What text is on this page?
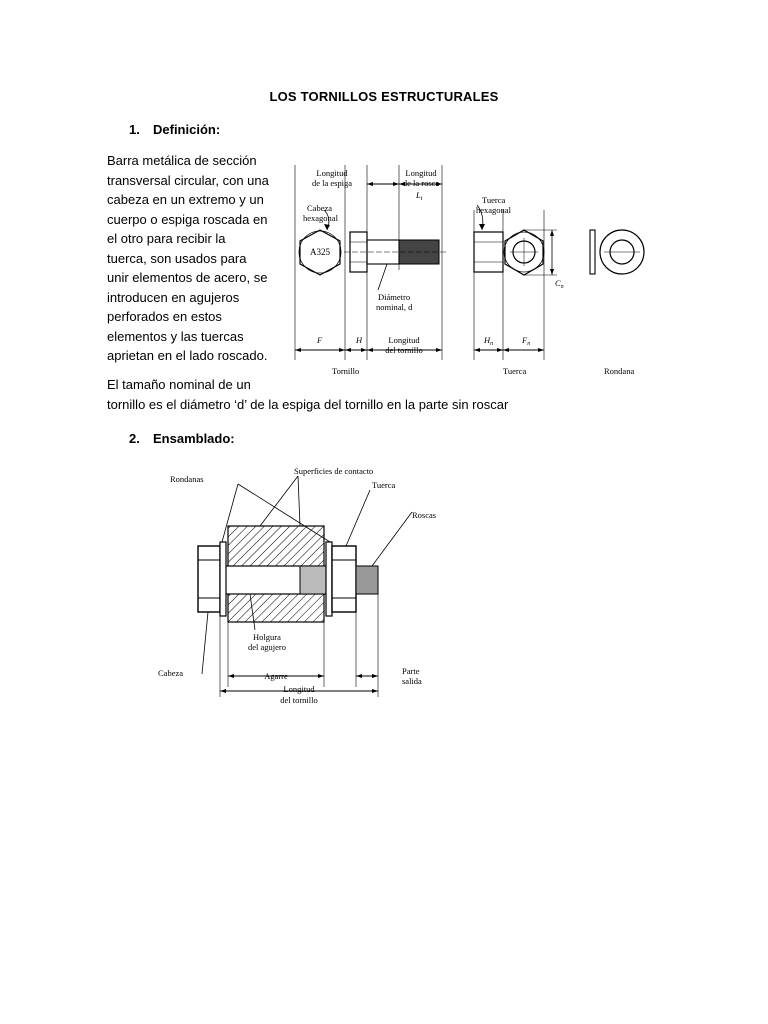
LOS TORNILLOS ESTRUCTURALES
1. Definición:
Barra metálica de sección
transversal circular, con una
cabeza en un extremo y un
cuerpo o espiga roscada en
el otro para recibir la
tuerca, son usados para
unir elementos de acero, se
introducen en agujeros
perforados en estos
elementos y las tuercas
aprietan en el lado roscado.
El tamaño nominal de un
tornillo es el diámetro ‘d’ de la espiga del tornillo en la parte sin roscar
2. Ensamblado:
Longitud
de la espiga
Longitud
de la rosca
$L_t$
Cabeza
hexagonal
A325
Tuerca
hexagonal
Diámetro
nominal, d
$C_n$
F	H	Longitud
del tornillo
$H_n$	$F_n$
Tornillo	Tuerca	Rondana
Rondanas
Superficies de contacto
Tuerca
Roscas
Holgura
del agujero
Cabeza	Agarre	Parte
salida
Longitud
del tornillo
